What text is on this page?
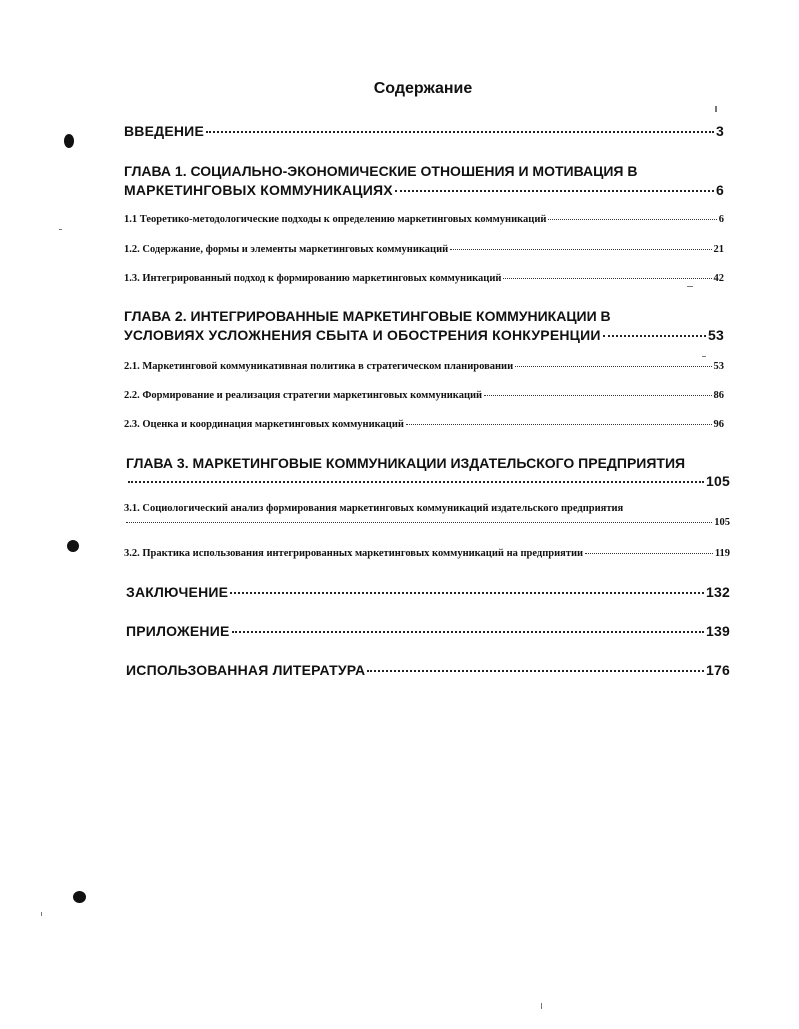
Содержание
ВВЕДЕНИЕ	3
ГЛАВА 1. СОЦИАЛЬНО-ЭКОНОМИЧЕСКИЕ ОТНОШЕНИЯ И МОТИВАЦИЯ В
МАРКЕТИНГОВЫХ КОММУНИКАЦИЯХ	6
1.1 Теоретико-методологические подходы к определению маркетинговых коммуникаций	6
1.2. Содержание, формы и элементы маркетинговых коммуникаций	21
1.3. Интегрированный подход к формированию маркетинговых коммуникаций	42
ГЛАВА 2. ИНТЕГРИРОВАННЫЕ МАРКЕТИНГОВЫЕ КОММУНИКАЦИИ В
УСЛОВИЯХ УСЛОЖНЕНИЯ СБЫТА И ОБОСТРЕНИЯ КОНКУРЕНЦИИ	53
2.1. Маркетинговой коммуникативная политика в стратегическом планировании	53
2.2. Формирование и реализация стратегии маркетинговых коммуникаций	86
2.3. Оценка и координация маркетинговых коммуникаций	96
ГЛАВА 3. МАРКЕТИНГОВЫЕ КОММУНИКАЦИИ ИЗДАТЕЛЬСКОГО ПРЕДПРИЯТИЯ
105
3.1. Социологический анализ формирования маркетинговых коммуникаций издательского предприятия
105
3.2. Практика использования интегрированных маркетинговых коммуникаций на предприятии	119
ЗАКЛЮЧЕНИЕ	132
ПРИЛОЖЕНИЕ	139
ИСПОЛЬЗОВАННАЯ ЛИТЕРАТУРА	176
